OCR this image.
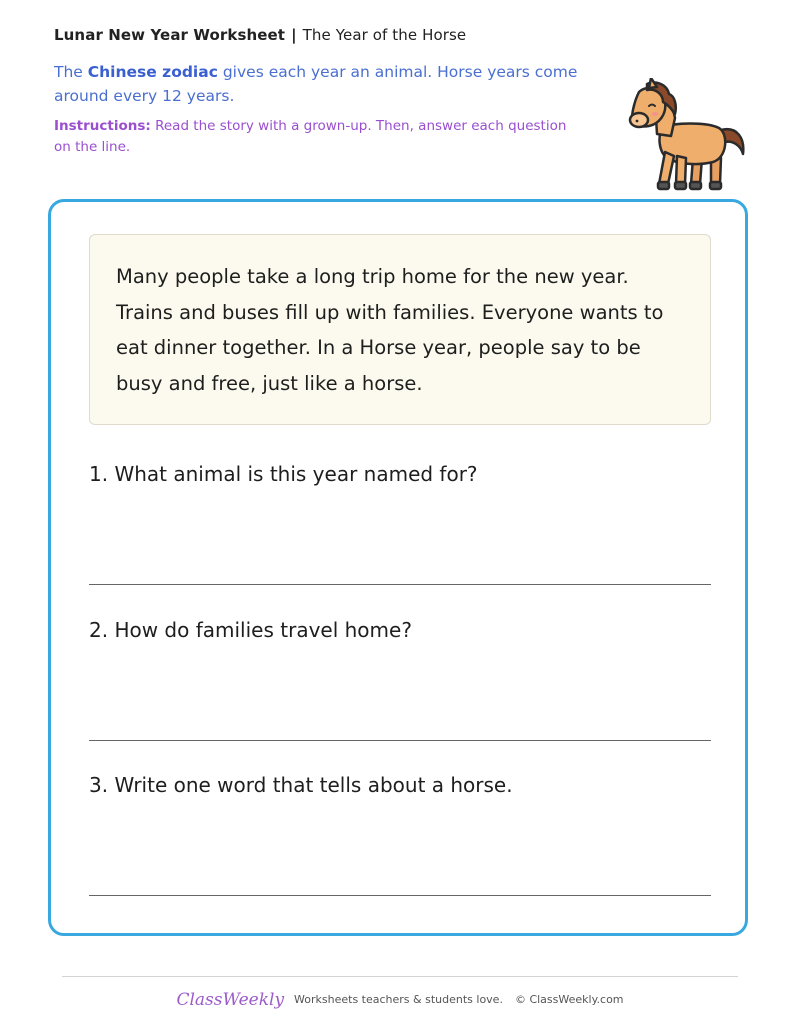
Lunar New Year Worksheet | The Year of the Horse
The Chinese zodiac gives each year an animal. Horse years come around every 12 years.
Instructions: Read the story with a grown-up. Then, answer each question on the line.
Many people take a long trip home for the new year. Trains and buses fill up with families. Everyone wants to eat dinner together. In a Horse year, people say to be busy and free, just like a horse.
1. What animal is this year named for?
2. How do families travel home?
3. Write one word that tells about a horse.
ClassWeekly Worksheets teachers & students love. © ClassWeekly.com
